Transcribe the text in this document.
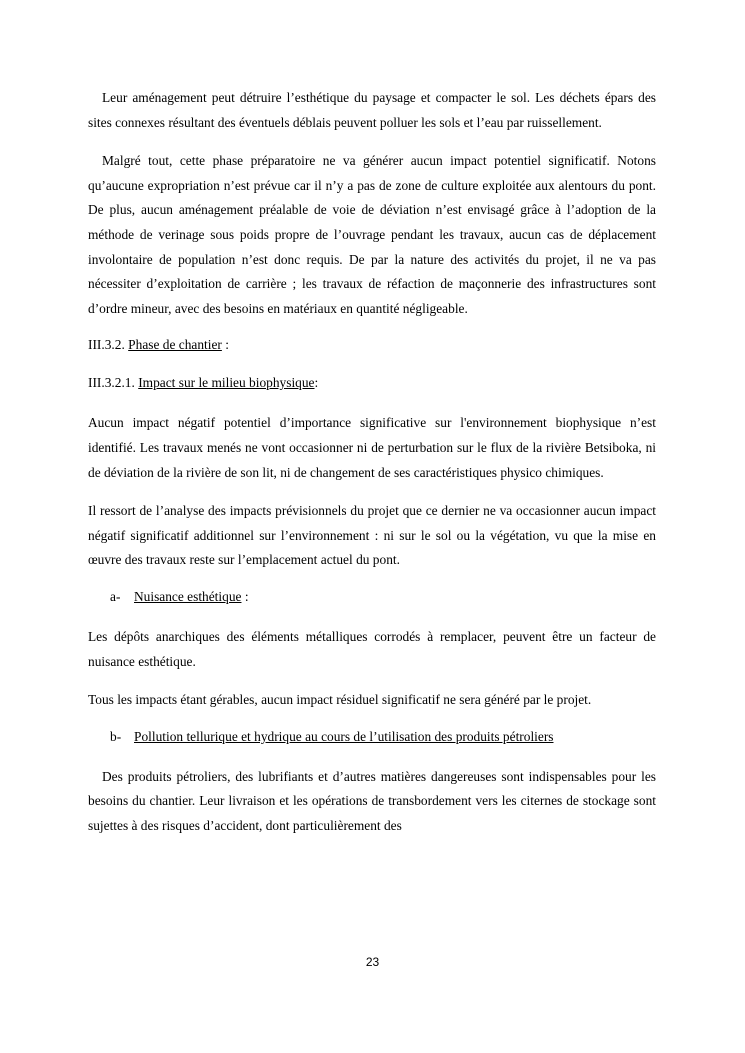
Leur aménagement peut détruire l’esthétique du paysage et compacter le sol. Les déchets épars des sites connexes résultant des éventuels déblais peuvent polluer les sols et l’eau par ruissellement.

Malgré tout, cette phase préparatoire ne va générer aucun impact potentiel significatif. Notons qu’aucune expropriation n’est prévue car il n’y a pas de zone de culture exploitée aux alentours du pont. De plus, aucun aménagement préalable de voie de déviation n’est envisagé grâce à l’adoption de la méthode de verinage sous poids propre de l’ouvrage pendant les travaux, aucun cas de déplacement involontaire de population n’est donc requis. De par la nature des activités du projet, il ne va pas nécessiter d’exploitation de carrière ; les travaux de réfaction de maçonnerie des infrastructures sont d’ordre mineur, avec des besoins en matériaux en quantité négligeable.

III.3.2. Phase de chantier :
III.3.2.1. Impact sur le milieu biophysique:

Aucun impact négatif potentiel d’importance significative sur l'environnement biophysique n’est identifié. Les travaux menés ne vont occasionner ni de perturbation sur le flux de la rivière Betsiboka, ni de déviation de la rivière de son lit, ni de changement de ses caractéristiques physico chimiques.

Il ressort de l’analyse des impacts prévisionnels du projet que ce dernier ne va occasionner aucun impact négatif significatif additionnel sur l’environnement : ni sur le sol ou la végétation, vu que la mise en œuvre des travaux reste sur l’emplacement actuel du pont.

a- Nuisance esthétique :

Les dépôts anarchiques des éléments métalliques corrodés à remplacer, peuvent être un facteur de nuisance esthétique.

Tous les impacts étant gérables, aucun impact résiduel significatif ne sera généré par le projet.

b- Pollution tellurique et hydrique au cours de l’utilisation des produits pétroliers

Des produits pétroliers, des lubrifiants et d’autres matières dangereuses sont indispensables pour les besoins du chantier. Leur livraison et les opérations de transbordement vers les citernes de stockage sont sujettes à des risques d’accident, dont particulièrement des

23
